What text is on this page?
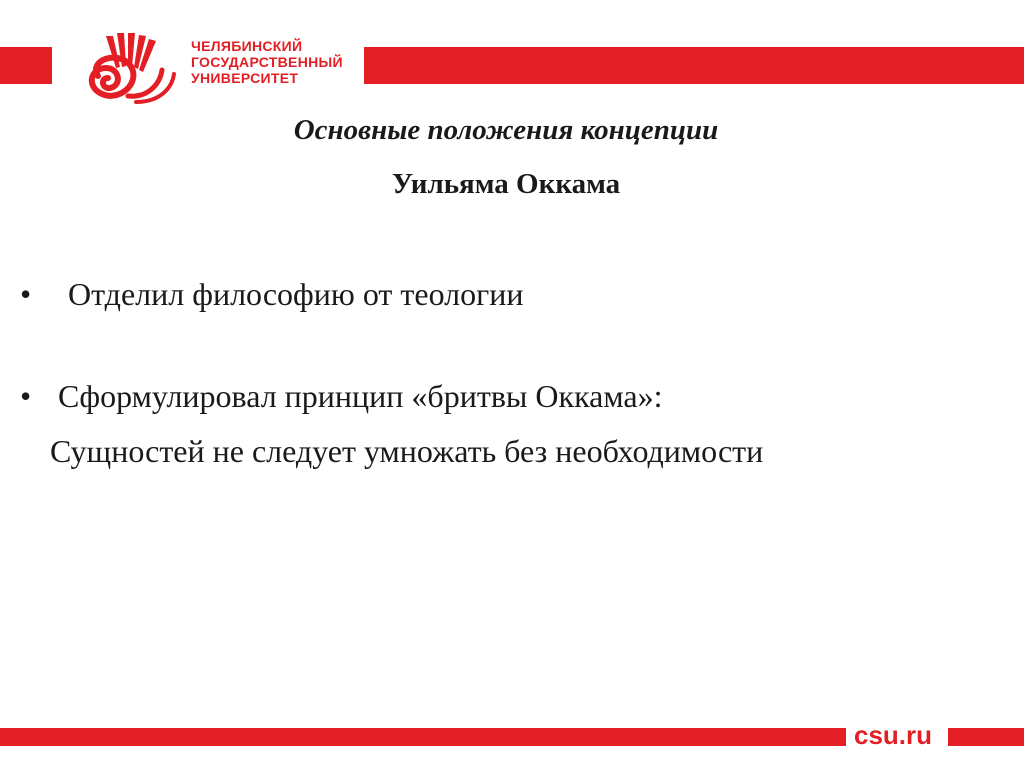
ЧЕЛЯБИНСКИЙ
ГОСУДАРСТВЕННЫЙ
УНИВЕРСИТЕТ
Основные положения концепции
Уильяма Оккама
• Отделил философию от теологии
• Сформулировал принцип «бритвы Оккама»:
Сущностей не следует умножать без необходимости
csu.ru
